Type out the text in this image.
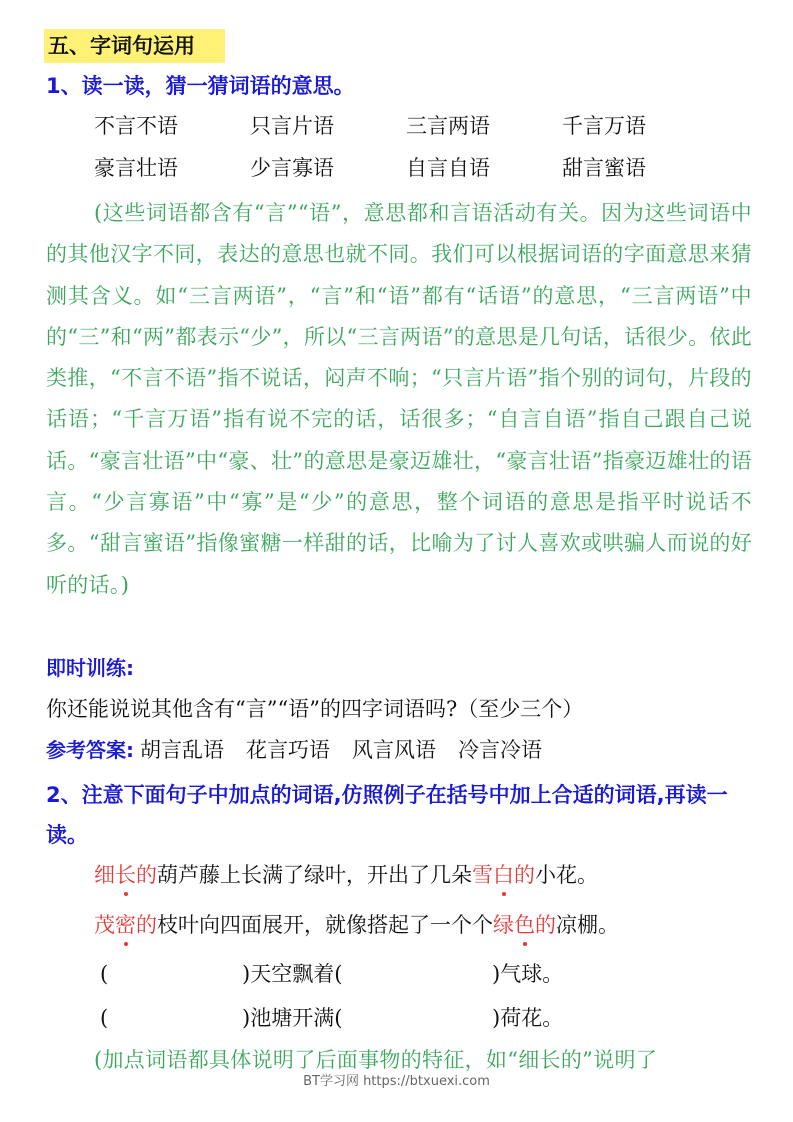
五、字词句运用
1、读一读，猜一猜词语的意思。
不言不语	只言片语	三言两语	千言万语
豪言壮语	少言寡语	自言自语	甜言蜜语

(这些词语都含有“言”“语”，意思都和言语活动有关。因为这些词语中的其他汉字不同，表达的意思也就不同。我们可以根据词语的字面意思来猜测其含义。如“三言两语”，“言”和“语”都有“话语”的意思，“三言两语”中的“三”和“两”都表示“少”，所以“三言两语”的意思是几句话，话很少。依此类推，“不言不语”指不说话，闷声不响；“只言片语”指个别的词句，片段的话语；“千言万语”指有说不完的话，话很多；“自言自语”指自己跟自己说话。“豪言壮语”中“豪、壮”的意思是豪迈雄壮，“豪言壮语”指豪迈雄壮的语言。“少言寡语”中“寡”是“少”的意思，整个词语的意思是指平时说话不多。“甜言蜜语”指像蜜糖一样甜的话，比喻为了讨人喜欢或哄骗人而说的好听的话。)

即时训练:
你还能说说其他含有“言”“语”的四字词语吗?（至少三个）
参考答案: 胡言乱语 花言巧语 风言风语 冷言冷语
2、注意下面句子中加点的词语,仿照例子在括号中加上合适的词语,再读一读。
细长的葫芦藤上长满了绿叶，开出了几朵雪白的小花。
茂密的枝叶向四面展开，就像搭起了一个个绿色的凉棚。
(	)天空飘着(	)气球。
(	)池塘开满(	)荷花。

(加点词语都具体说明了后面事物的特征，如“细长的”说明了

BT学习网 https://btxuexi.com
